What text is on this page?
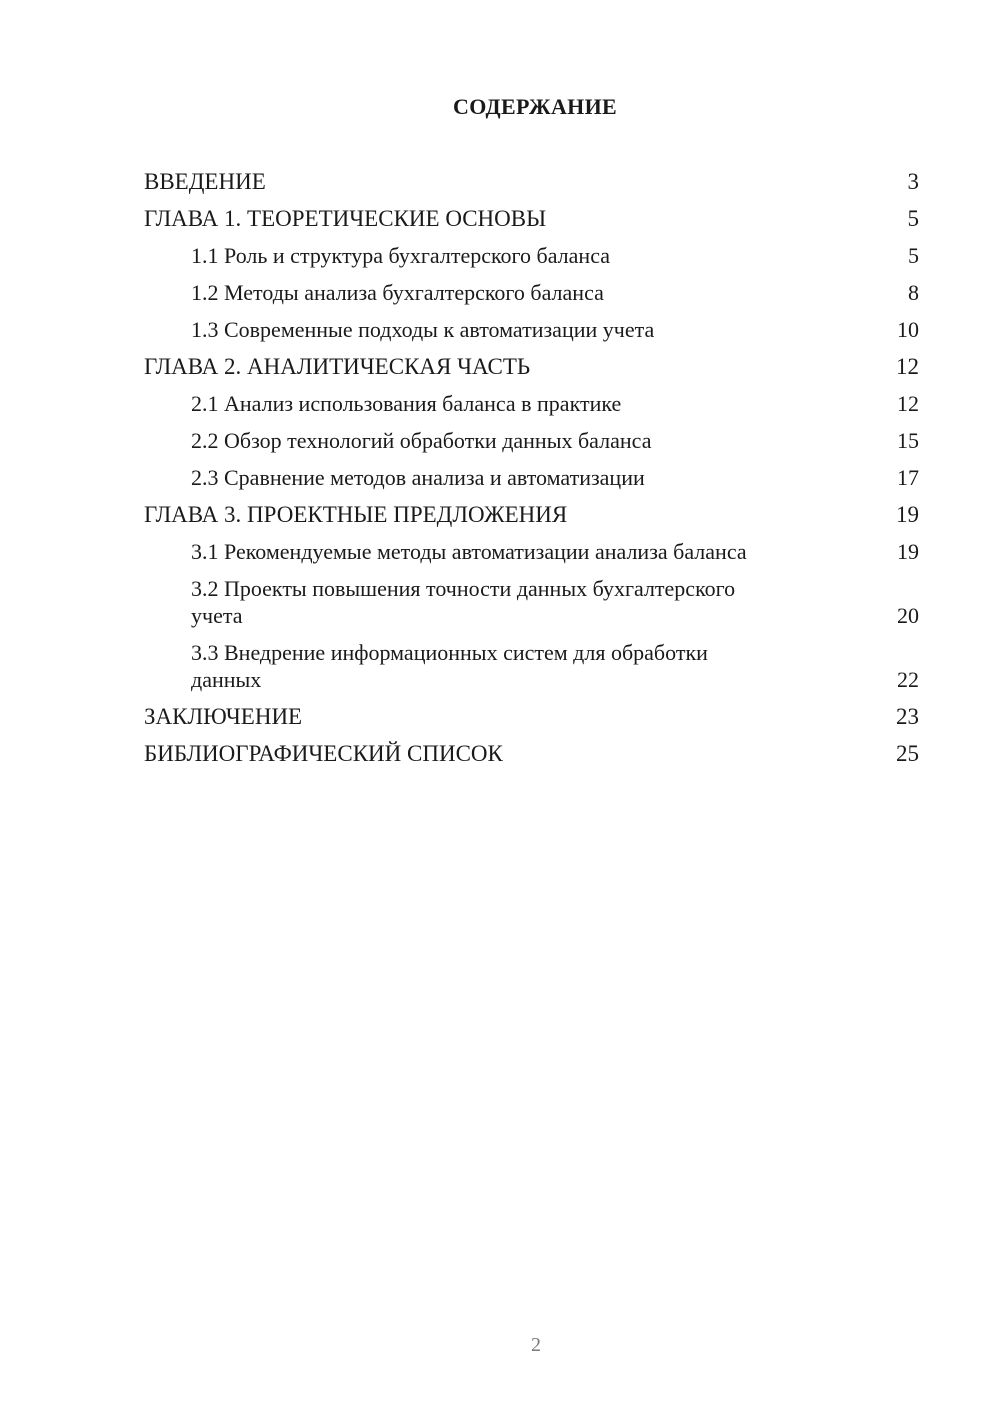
СОДЕРЖАНИЕ
ВВЕДЕНИЕ	3
ГЛАВА 1. ТЕОРЕТИЧЕСКИЕ ОСНОВЫ	5
1.1 Роль и структура бухгалтерского баланса	5
1.2 Методы анализа бухгалтерского баланса	8
1.3 Современные подходы к автоматизации учета	10
ГЛАВА 2. АНАЛИТИЧЕСКАЯ ЧАСТЬ	12
2.1 Анализ использования баланса в практике	12
2.2 Обзор технологий обработки данных баланса	15
2.3 Сравнение методов анализа и автоматизации	17
ГЛАВА 3. ПРОЕКТНЫЕ ПРЕДЛОЖЕНИЯ	19
3.1 Рекомендуемые методы автоматизации анализа баланса	19
3.2 Проекты повышения точности данных бухгалтерского учета	20
3.3 Внедрение информационных систем для обработки данных	22
ЗАКЛЮЧЕНИЕ	23
БИБЛИОГРАФИЧЕСКИЙ СПИСОК	25
2
